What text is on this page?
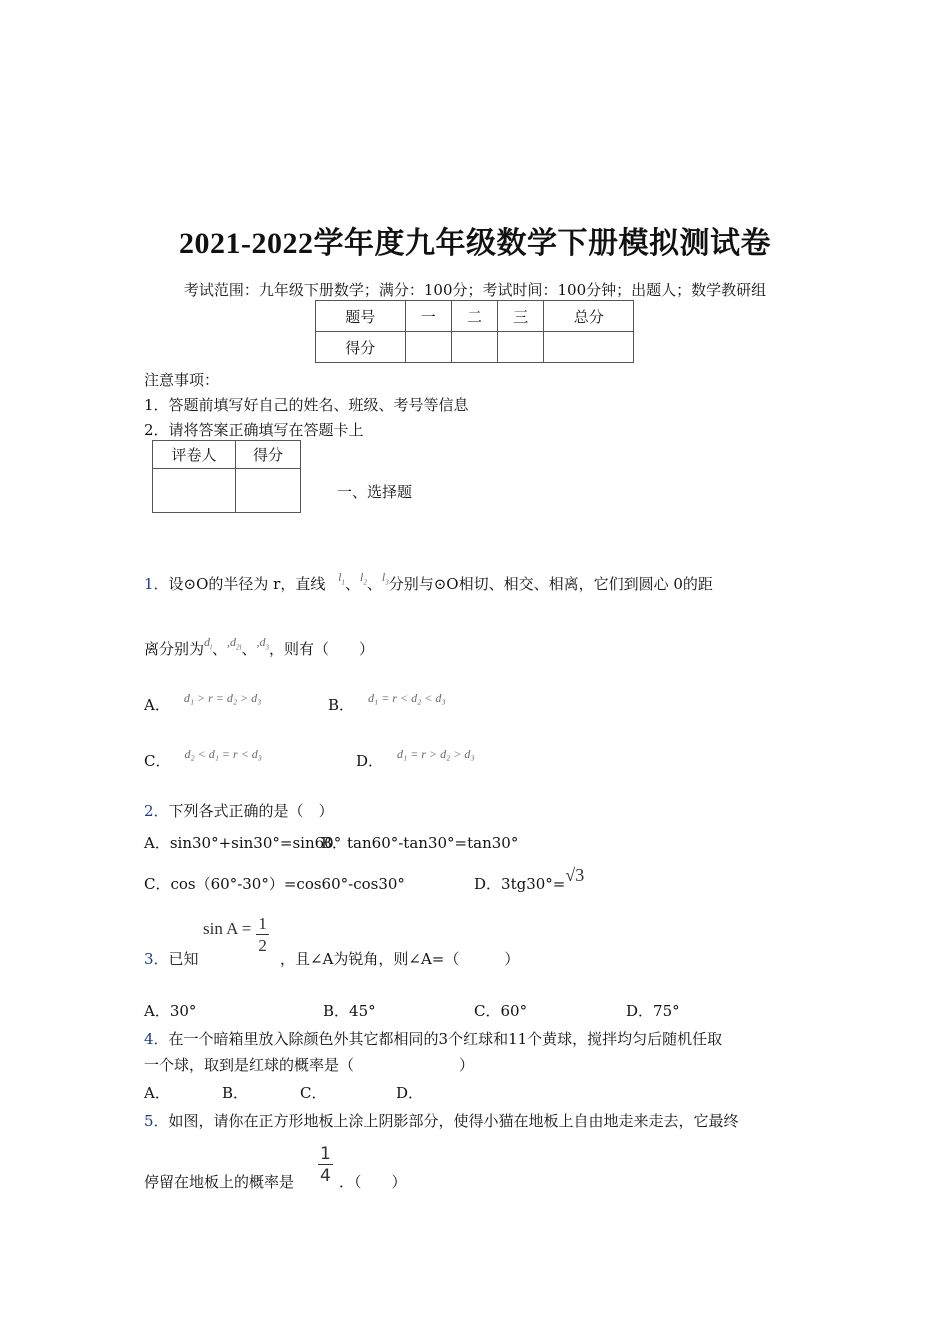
2021-2022学年度九年级数学下册模拟测试卷
考试范围：九年级下册数学；满分：100分；考试时间：100分钟；出题人；数学教研组
题号	一	二	三	总分
得分				
注意事项：
1．答题前填写好自己的姓名、班级、考号等信息
2．请将答案正确填写在答题卡上
评卷人	得分

一、选择题
1．设⊙O的半径为 r，直线 $^{l_1}$、$^{l_2}$、$^{l_3}$分别与⊙O相切、相交、相离，它们到圆心 0的距
离分别为$^{d_l}$、$^{,d_{2l}}$、$^{,d_3}$，则有（　　）
A． $^{d_1 > r = d_2 > d_3}$	B． $^{d_1 = r < d_2 < d_3}$
C． $^{d_2 < d_1 = r < d_3}$	D． $^{d_1 = r > d_2 > d_3}$
2．下列各式正确的是（　）
A．sin30°+sin30°=sin60°
B．tan60°-tan30°=tan30°
C．cos（60°-30°）=cos60°-cos30°	D．3tg30°=√3
3．已知
$\sin A = \frac{1}{2}$
，且∠A为锐角，则∠A=（　　　）
A．30°	B．45°	C．60°	D．75°
4．在一个暗箱里放入除颜色外其它都相同的3个红球和11个黄球，搅拌均匀后随机任取
一个球，取到是红球的概率是（　　　　　　　）
A．	B．	C．	D．
5．如图，请你在正方形地板上涂上阴影部分，使得小猫在地板上自由地走来走去，它最终
停留在地板上的概率是 $\frac{1}{4}$ ．（　　）
